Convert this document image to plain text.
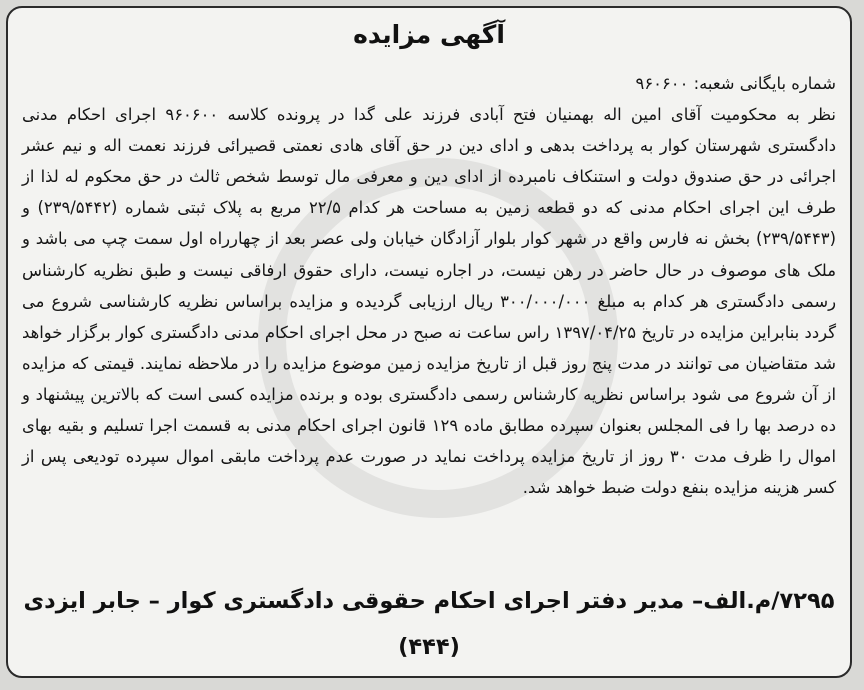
آگهی مزایده
شماره بایگانی شعبه: ۹۶۰۶۰۰
نظر به محکومیت آقای امین اله بهمنیان فتح آبادی فرزند علی گدا در پرونده کلاسه ۹۶۰۶۰۰ اجرای احکام مدنی دادگستری شهرستان کوار به پرداخت بدهی و ادای دین در حق آقای هادی نعمتی قصیرائی فرزند نعمت اله و نیم عشر اجرائی در حق صندوق دولت و استنکاف نامبرده از ادای دین و معرفی مال توسط شخص ثالث در حق محکوم له لذا از طرف این اجرای احکام مدنی که دو قطعه زمین به مساحت هر کدام ۲۲/۵ مربع به پلاک ثبتی شماره (۲۳۹/۵۴۴۲) و (۲۳۹/۵۴۴۳) بخش نه فارس واقع در شهر کوار بلوار آزادگان خیابان ولی عصر بعد از چهارراه اول سمت چپ می باشد و ملک های موصوف در حال حاضر در رهن نیست، در اجاره نیست، دارای حقوق ارفاقی نیست و طبق نظریه کارشناس رسمی دادگستری هر کدام به مبلغ ۳۰۰/۰۰۰/۰۰۰ ریال ارزیابی گردیده و مزایده براساس نظریه کارشناسی شروع می گردد بنابراین مزایده در تاریخ ۱۳۹۷/۰۴/۲۵ راس ساعت نه صبح در محل اجرای احکام مدنی دادگستری کوار برگزار خواهد شد متقاضیان می توانند در مدت پنج روز قبل از تاریخ مزایده زمین موضوع مزایده را در ملاحظه نمایند. قیمتی که مزایده از آن شروع می شود براساس نظریه کارشناس رسمی دادگستری بوده و برنده مزایده کسی است که بالاترین پیشنهاد و ده درصد بها را فی المجلس بعنوان سپرده مطابق ماده ۱۲۹ قانون اجرای احکام مدنی به قسمت اجرا تسلیم و بقیه بهای اموال را ظرف مدت ۳۰ روز از تاریخ مزایده پرداخت نماید در صورت عدم پرداخت مابقی اموال سپرده تودیعی پس از کسر هزینه مزایده بنفع دولت ضبط خواهد شد.
۷۲۹۵/م.الف– مدیر دفتر اجرای احکام حقوقی دادگستری کوار – جابر ایزدی (۴۴۴)
